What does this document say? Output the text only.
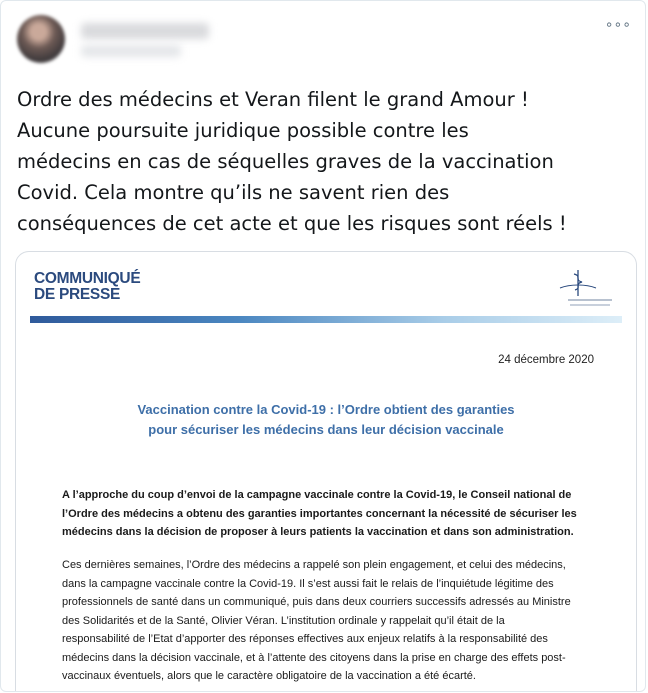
∘∘∘
Ordre des médecins et Veran filent le grand Amour !
Aucune poursuite juridique possible contre les
médecins en cas de séquelles graves de la vaccination
Covid. Cela montre qu’ils ne savent rien des
conséquences de cet acte et que les risques sont réels !
COMMUNIQUÉ
DE PRESSE
24 décembre 2020
Vaccination contre la Covid-19 : l’Ordre obtient des garanties
pour sécuriser les médecins dans leur décision vaccinale
A l’approche du coup d’envoi de la campagne vaccinale contre la Covid-19, le Conseil national de
l’Ordre des médecins a obtenu des garanties importantes concernant la nécessité de sécuriser les
médecins dans la décision de proposer à leurs patients la vaccination et dans son administration.
Ces dernières semaines, l’Ordre des médecins a rappelé son plein engagement, et celui des médecins,
dans la campagne vaccinale contre la Covid-19. Il s’est aussi fait le relais de l’inquiétude légitime des
professionnels de santé dans un communiqué, puis dans deux courriers successifs adressés au Ministre
des Solidarités et de la Santé, Olivier Véran. L’institution ordinale y rappelait qu’il était de la
responsabilité de l’Etat d’apporter des réponses effectives aux enjeux relatifs à la responsabilité des
médecins dans la décision vaccinale, et à l’attente des citoyens dans la prise en charge des effets post-
vaccinaux éventuels, alors que le caractère obligatoire de la vaccination a été écarté.
